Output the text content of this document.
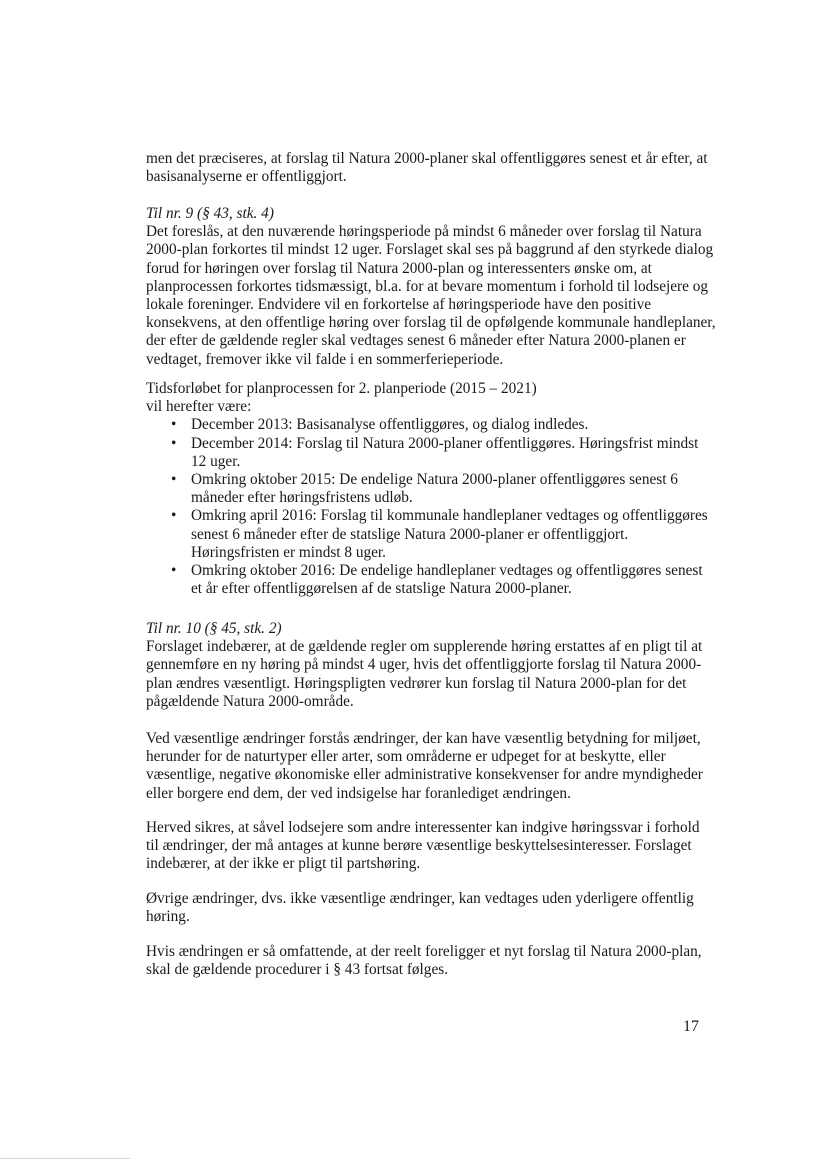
men det præciseres, at forslag til Natura 2000-planer skal offentliggøres senest et år efter, at basisanalyserne er offentliggjort.

Til nr. 9 (§ 43, stk. 4)

Det foreslås, at den nuværende høringsperiode på mindst 6 måneder over forslag til Natura 2000-plan forkortes til mindst 12 uger. Forslaget skal ses på baggrund af den styrkede dialog forud for høringen over forslag til Natura 2000-plan og interessenters ønske om, at planprocessen forkortes tidsmæssigt, bl.a. for at bevare momentum i forhold til lodsejere og lokale foreninger. Endvidere vil en forkortelse af høringsperiode have den positive konsekvens, at den offentlige høring over forslag til de opfølgende kommunale handleplaner, der efter de gældende regler skal vedtages senest 6 måneder efter Natura 2000-planen er vedtaget, fremover ikke vil falde i en sommerferieperiode.

Tidsforløbet for planprocessen for 2. planperiode (2015 – 2021)

vil herefter være:

• December 2013: Basisanalyse offentliggøres, og dialog indledes.
• December 2014: Forslag til Natura 2000-planer offentliggøres. Høringsfrist mindst 12 uger.
• Omkring oktober 2015: De endelige Natura 2000-planer offentliggøres senest 6 måneder efter høringsfristens udløb.
• Omkring april 2016: Forslag til kommunale handleplaner vedtages og offentliggøres senest 6 måneder efter de statslige Natura 2000-planer er offentliggjort. Høringsfristen er mindst 8 uger.
• Omkring oktober 2016: De endelige handleplaner vedtages og offentliggøres senest et år efter offentliggørelsen af de statslige Natura 2000-planer.

Til nr. 10 (§ 45, stk. 2)

Forslaget indebærer, at de gældende regler om supplerende høring erstattes af en pligt til at gennemføre en ny høring på mindst 4 uger, hvis det offentliggjorte forslag til Natura 2000-plan ændres væsentligt. Høringspligten vedrører kun forslag til Natura 2000-plan for det pågældende Natura 2000-område.

Ved væsentlige ændringer forstås ændringer, der kan have væsentlig betydning for miljøet, herunder for de naturtyper eller arter, som områderne er udpeget for at beskytte, eller væsentlige, negative økonomiske eller administrative konsekvenser for andre myndigheder eller borgere end dem, der ved indsigelse har foranlediget ændringen.

Herved sikres, at såvel lodsejere som andre interessenter kan indgive høringssvar i forhold til ændringer, der må antages at kunne berøre væsentlige beskyttelsesinteresser. Forslaget indebærer, at der ikke er pligt til partshøring.

Øvrige ændringer, dvs. ikke væsentlige ændringer, kan vedtages uden yderligere offentlig høring.

Hvis ændringen er så omfattende, at der reelt foreligger et nyt forslag til Natura 2000-plan, skal de gældende procedurer i § 43 fortsat følges.

17
